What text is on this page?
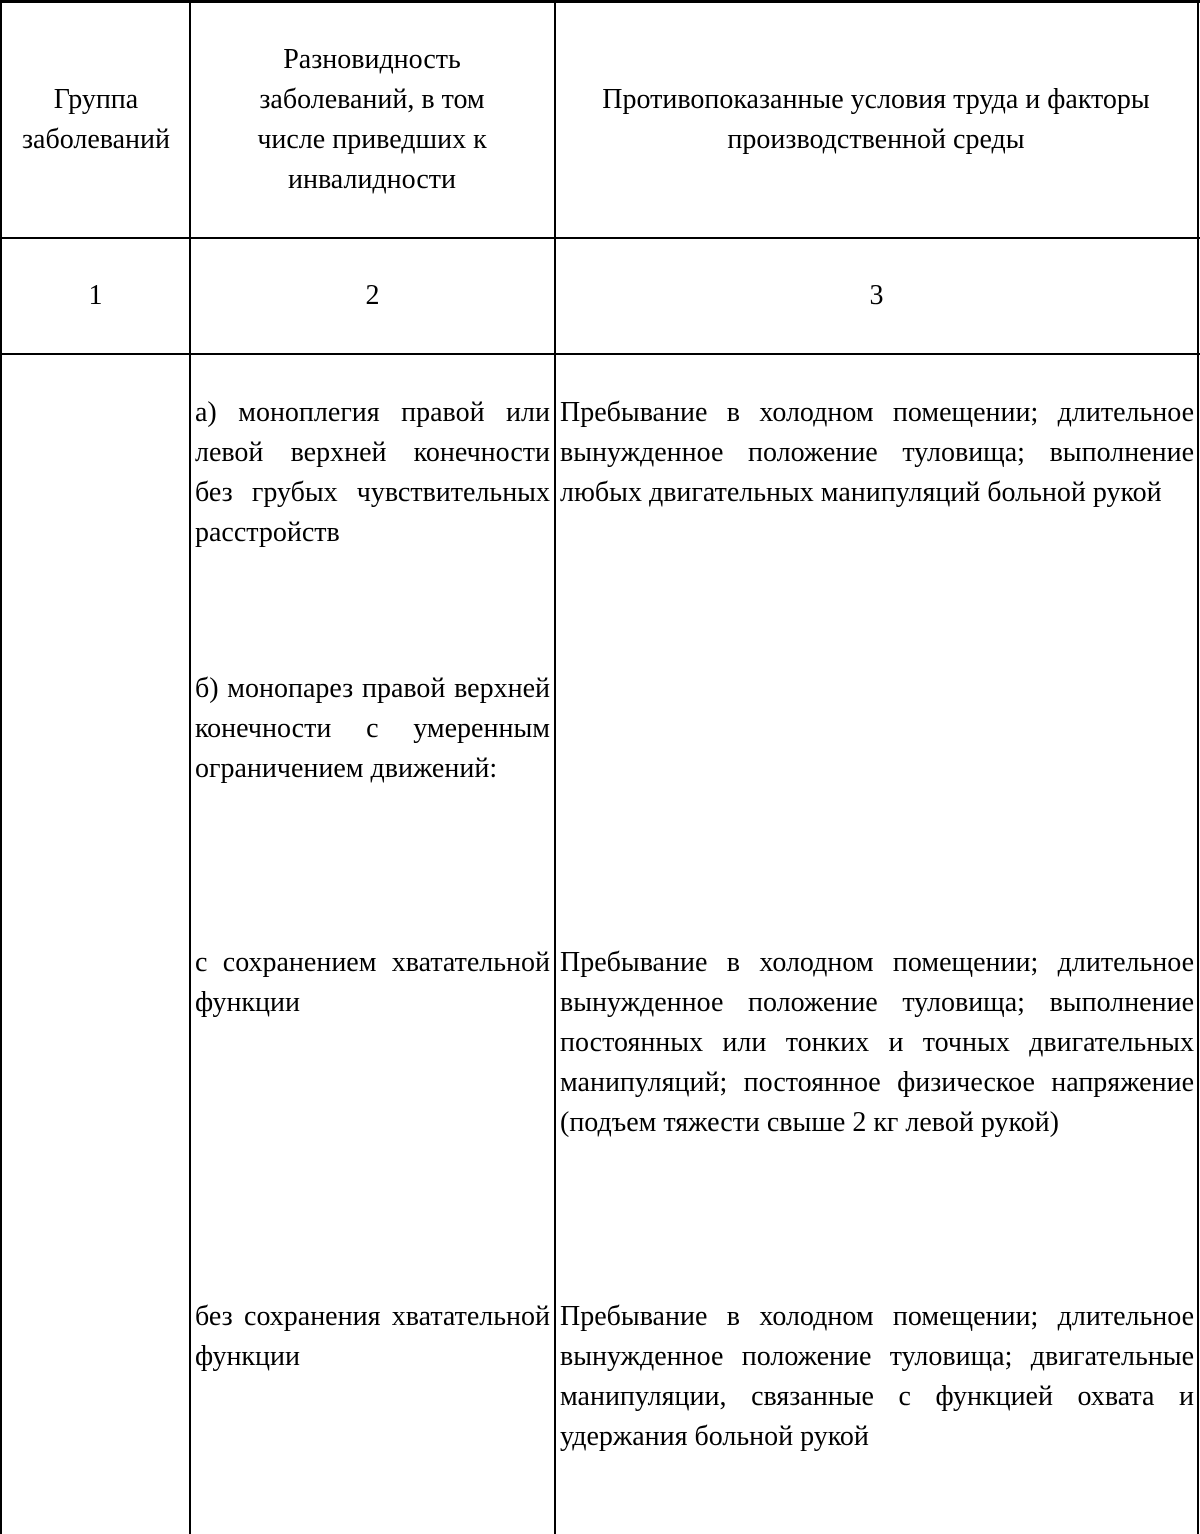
Группа заболеваний
Разновидность заболеваний, в том числе приведших к инвалидности
Противопоказанные условия труда и факторы производственной среды
1	2	3
а) моноплегия правой или левой верхней конечности без грубых чувствительных расстройств
Пребывание в холодном помещении; длительное вынужденное положение туловища; выполнение любых двигательных манипуляций больной рукой
б) монопарез правой верхней конечности с умеренным ограничением движений:
с сохранением хватательной функции
Пребывание в холодном помещении; длительное вынужденное положение туловища; выполнение постоянных или тонких и точных двигательных манипуляций; постоянное физическое напряжение (подъем тяжести свыше 2 кг левой рукой)
без сохранения хватательной функции
Пребывание в холодном помещении; длительное вынужденное положение туловища; двигательные манипуляции, связанные с функцией охвата и удержания больной рукой
